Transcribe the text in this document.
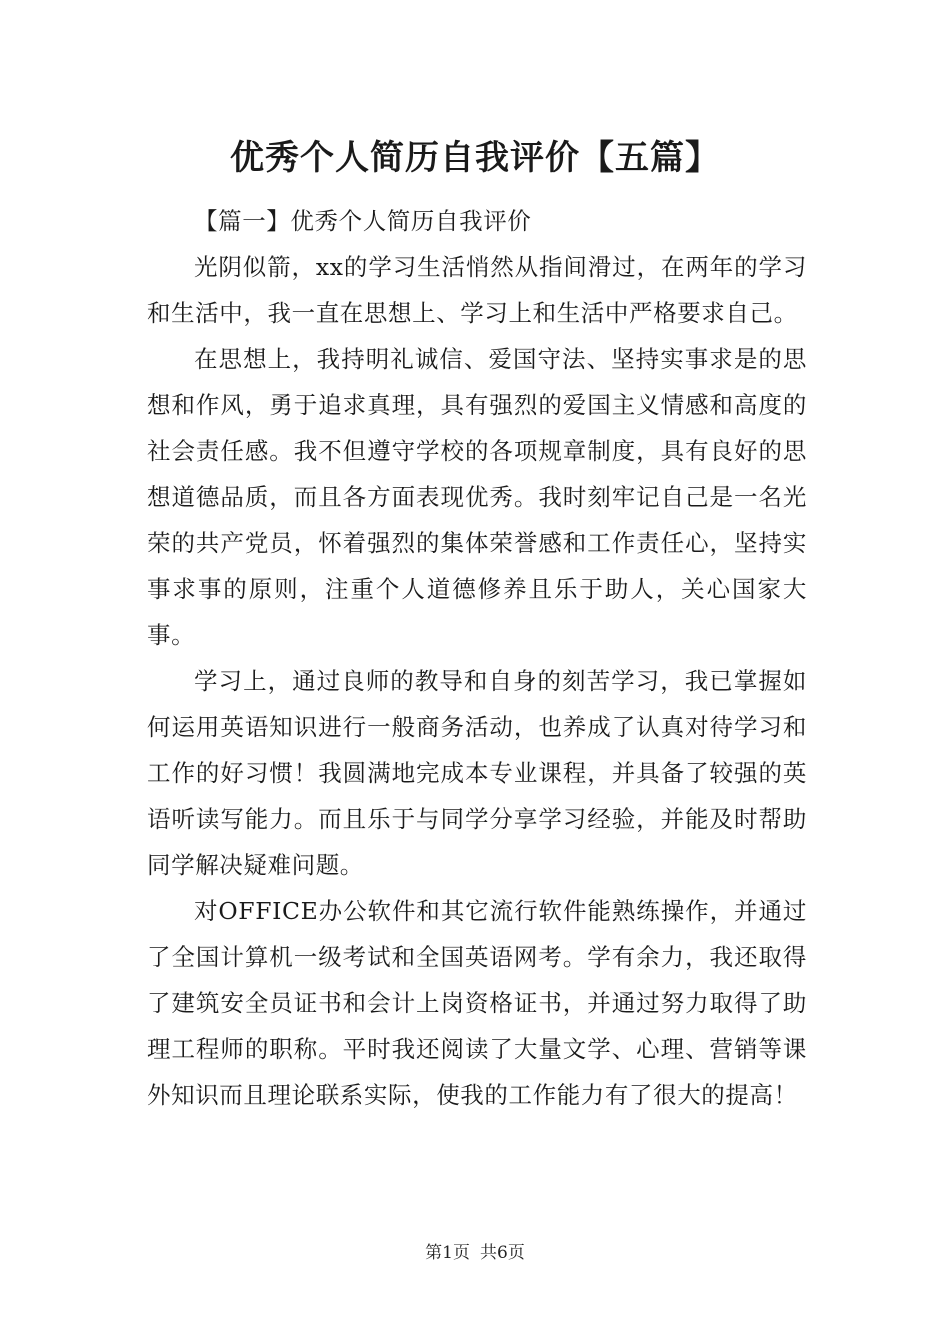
优秀个人简历自我评价【五篇】
【篇一】优秀个人简历自我评价

光阴似箭，xx的学习生活悄然从指间滑过，在两年的学习和生活中，我一直在思想上、学习上和生活中严格要求自己。

在思想上，我持明礼诚信、爱国守法、坚持实事求是的思想和作风，勇于追求真理，具有强烈的爱国主义情感和高度的社会责任感。我不但遵守学校的各项规章制度，具有良好的思想道德品质，而且各方面表现优秀。我时刻牢记自己是一名光荣的共产党员，怀着强烈的集体荣誉感和工作责任心，坚持实事求事的原则，注重个人道德修养且乐于助人，关心国家大事。

学习上，通过良师的教导和自身的刻苦学习，我已掌握如何运用英语知识进行一般商务活动，也养成了认真对待学习和工作的好习惯！我圆满地完成本专业课程，并具备了较强的英语听读写能力。而且乐于与同学分享学习经验，并能及时帮助同学解决疑难问题。

对OFFICE办公软件和其它流行软件能熟练操作，并通过了全国计算机一级考试和全国英语网考。学有余力，我还取得了建筑安全员证书和会计上岗资格证书，并通过努力取得了助理工程师的职称。平时我还阅读了大量文学、心理、营销等课外知识而且理论联系实际，使我的工作能力有了很大的提高！

第1页 共6页
